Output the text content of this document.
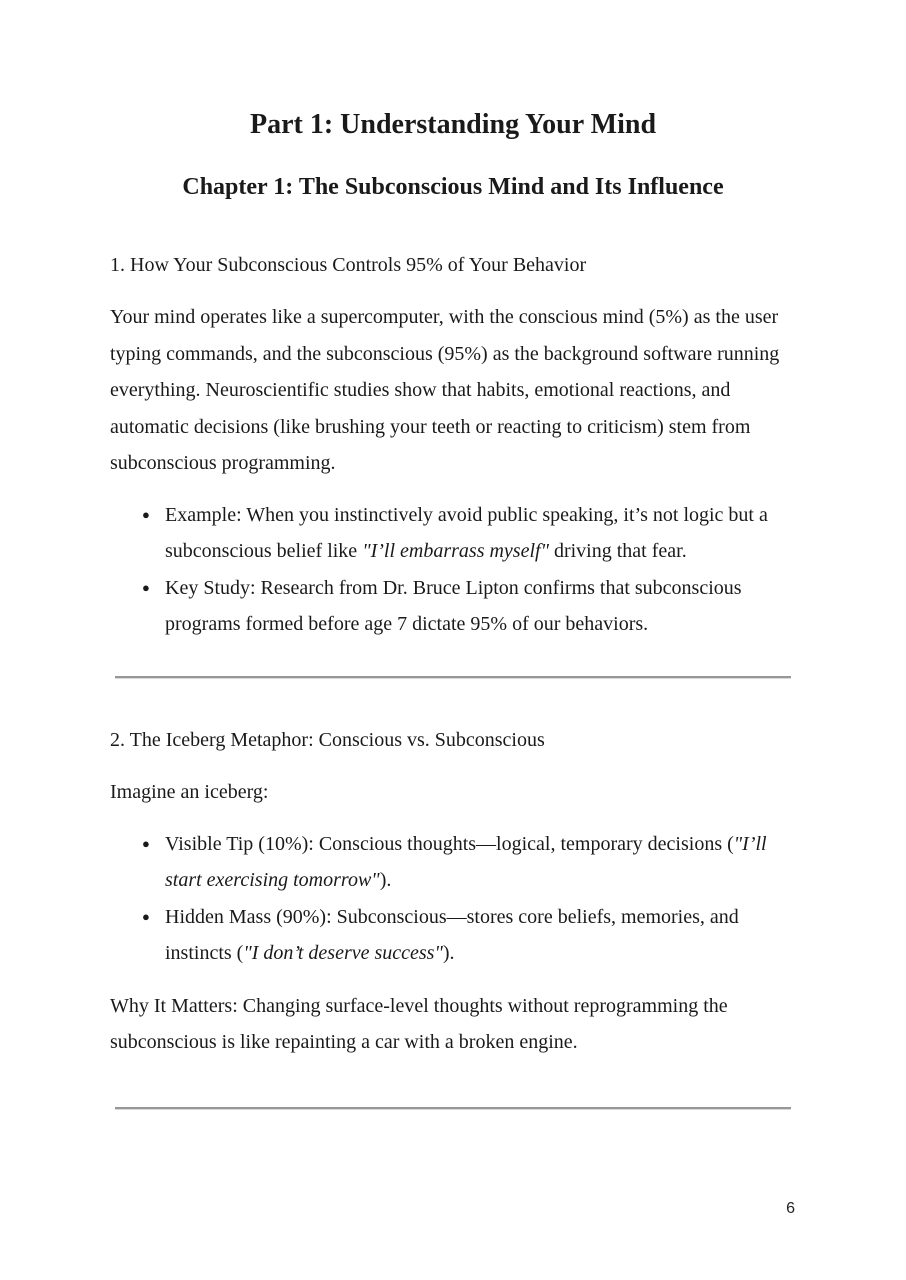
Part 1: Understanding Your Mind
Chapter 1: The Subconscious Mind and Its Influence

1. How Your Subconscious Controls 95% of Your Behavior

Your mind operates like a supercomputer, with the conscious mind (5%) as the user typing commands, and the subconscious (95%) as the background software running everything. Neuroscientific studies show that habits, emotional reactions, and automatic decisions (like brushing your teeth or reacting to criticism) stem from subconscious programming.

● Example: When you instinctively avoid public speaking, it’s not logic but a subconscious belief like "I’ll embarrass myself" driving that fear.
● Key Study: Research from Dr. Bruce Lipton confirms that subconscious programs formed before age 7 dictate 95% of our behaviors.

2. The Iceberg Metaphor: Conscious vs. Subconscious

Imagine an iceberg:

● Visible Tip (10%): Conscious thoughts—logical, temporary decisions ("I’ll start exercising tomorrow").
● Hidden Mass (90%): Subconscious—stores core beliefs, memories, and instincts ("I don’t deserve success").

Why It Matters: Changing surface-level thoughts without reprogramming the subconscious is like repainting a car with a broken engine.

6
